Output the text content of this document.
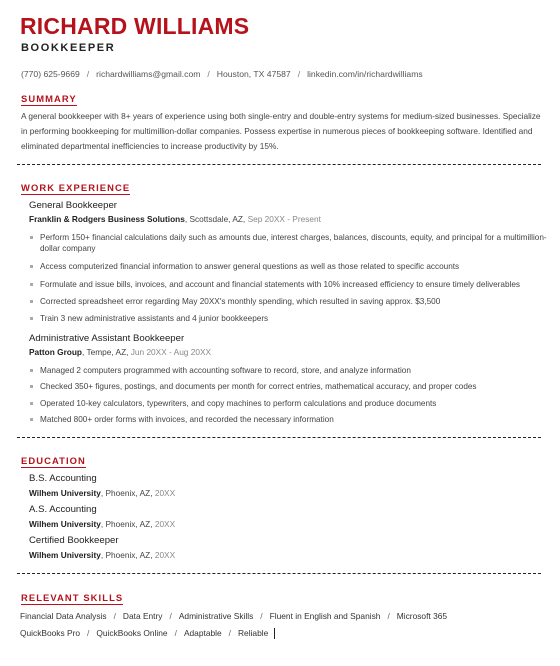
RICHARD WILLIAMS
BOOKKEEPER
(770) 625-9669 / richardwilliams@gmail.com / Houston, TX 47587 / linkedin.com/in/richardwilliams
SUMMARY

A general bookkeeper with 8+ years of experience using both single-entry and double-entry systems for medium-sized businesses. Specialize in performing bookkeeping for multimillion-dollar companies. Possess expertise in numerous pieces of bookkeeping software. Identified and eliminated departmental inefficiencies to increase productivity by 15%.

WORK EXPERIENCE
General Bookkeeper
Franklin & Rodgers Business Solutions, Scottsdale, AZ, Sep 20XX - Present
Perform 150+ financial calculations daily such as amounts due, interest charges, balances, discounts, equity, and principal for a multimillion-dollar company
Access computerized financial information to answer general questions as well as those related to specific accounts
Formulate and issue bills, invoices, and account and financial statements with 10% increased efficiency to ensure timely deliverables
Corrected spreadsheet error regarding May 20XX's monthly spending, which resulted in saving approx. $3,500
Train 3 new administrative assistants and 4 junior bookkeepers
Administrative Assistant Bookkeeper
Patton Group, Tempe, AZ, Jun 20XX - Aug 20XX
Managed 2 computers programmed with accounting software to record, store, and analyze information
Checked 350+ figures, postings, and documents per month for correct entries, mathematical accuracy, and proper codes
Operated 10-key calculators, typewriters, and copy machines to perform calculations and produce documents
Matched 800+ order forms with invoices, and recorded the necessary information
EDUCATION
B.S. Accounting
Wilhem University, Phoenix, AZ, 20XX
A.S. Accounting
Wilhem University, Phoenix, AZ, 20XX
Certified Bookkeeper
Wilhem University, Phoenix, AZ, 20XX
RELEVANT SKILLS
Financial Data Analysis / Data Entry / Administrative Skills / Fluent in English and Spanish / Microsoft 365
QuickBooks Pro / QuickBooks Online / Adaptable / Reliable
